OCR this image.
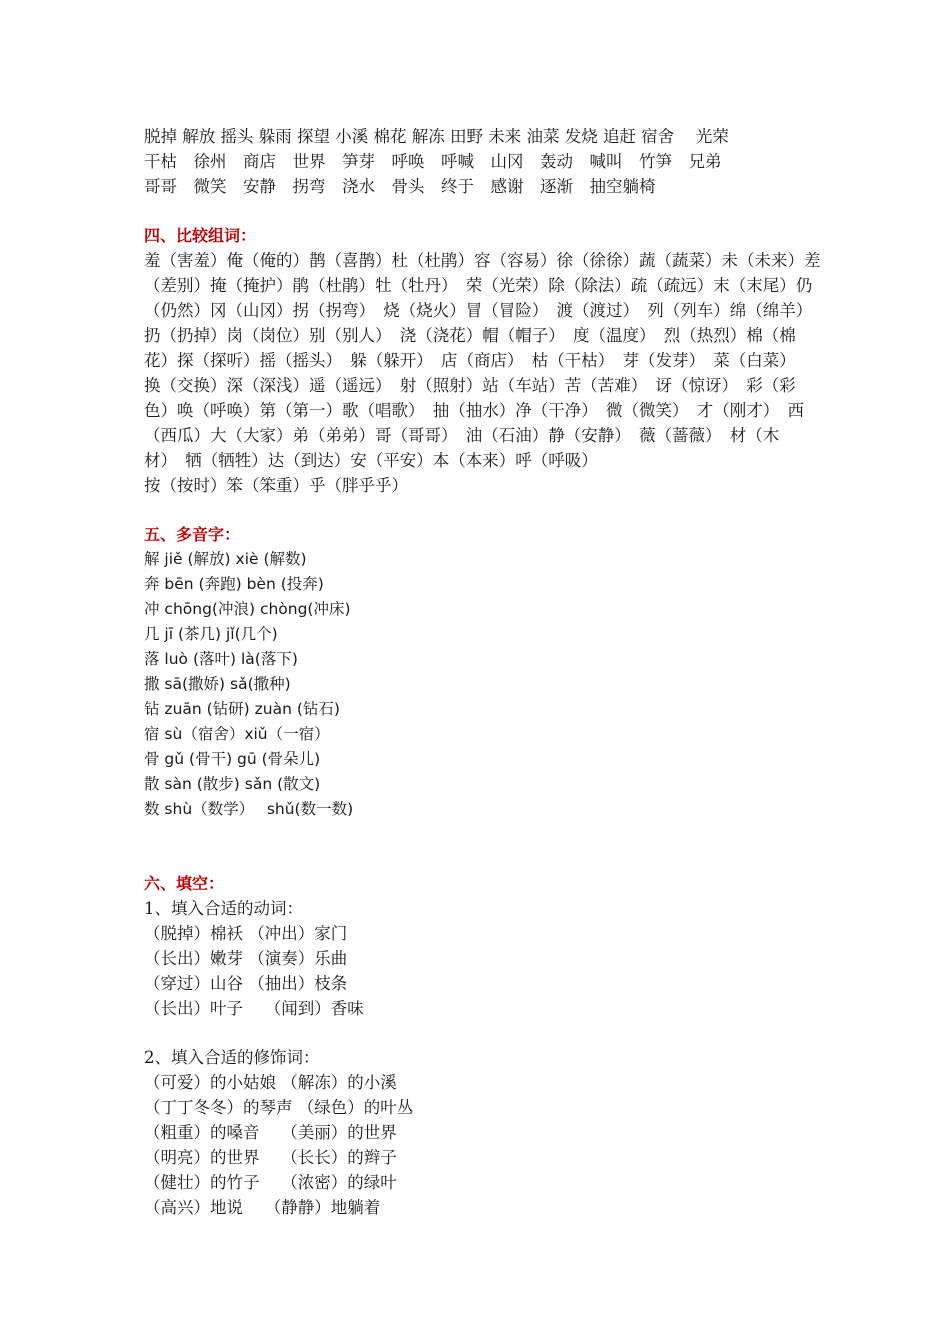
脱掉 解放 摇头 躲雨 探望 小溪 棉花 解冻 田野 未来 油菜 发烧 追赶 宿舍　 光荣
干枯　徐州　商店　世界　笋芽　呼唤　呼喊　山冈　轰动　喊叫　竹笋　兄弟
哥哥　微笑　安静　拐弯　浇水　骨头　终于　感谢　逐渐　抽空躺椅
四、比较组词：
羞（害羞）俺（俺的）鹊（喜鹊）杜（杜鹃）容（容易）徐（徐徐）蔬（蔬菜）未（未来）差
（差别）掩（掩护）鹃（杜鹃）牡（牡丹）　荣（光荣）除（除法）疏（疏远）末（末尾）仍
（仍然）冈（山冈）拐（拐弯）　烧（烧火）冒（冒险）　渡（渡过）　列（列车）绵（绵羊）
扔（扔掉）岗（岗位）别（别人）　浇（浇花）帽（帽子）　度（温度）　烈（热烈）棉（棉
花）探（探听）摇（摇头）　躲（躲开）　店（商店）　枯（干枯）　芽（发芽）　菜（白菜）
换（交换）深（深浅）遥（遥远）　射（照射）站（车站）苦（苦难）　讶（惊讶）　彩（彩
色）唤（呼唤）第（第一）歌（唱歌）　抽（抽水）净（干净）　微（微笑）　才（刚才）　西
（西瓜）大（大家）弟（弟弟）哥（哥哥）　油（石油）静（安静）　薇（蔷薇）　材（木
材）　牺（牺牲）达（到达）安（平安）本（本来）呼（呼吸）
按（按时）笨（笨重）乎（胖乎乎）
五、多音字：
解 jiě (解放) xiè (解数)
奔 bēn (奔跑) bèn (投奔)
冲 chōng(冲浪) chòng(冲床)
几 jī (茶几) jǐ(几个)
落 luò (落叶) là(落下)
撒 sā(撒娇) sǎ(撒种)
钻 zuān (钻研) zuàn (钻石)
宿 sù（宿舍）xiǔ（一宿）
骨 gǔ (骨干) gū (骨朵儿)
散 sàn (散步) sǎn (散文)
数 shù（数学）　 shǔ(数一数)
六、填空：
1、填入合适的动词：
（脱掉）棉袄 （冲出）家门
（长出）嫩芽 （演奏）乐曲
（穿过）山谷 （抽出）枝条
（长出）叶子　 （闻到）香味
2、填入合适的修饰词：
（可爱）的小姑娘 （解冻）的小溪
（丁丁冬冬）的琴声 （绿色）的叶丛
（粗重）的嗓音　 （美丽）的世界
（明亮）的世界　 （长长）的辫子
（健壮）的竹子　 （浓密）的绿叶
（高兴）地说　 （静静）地躺着
